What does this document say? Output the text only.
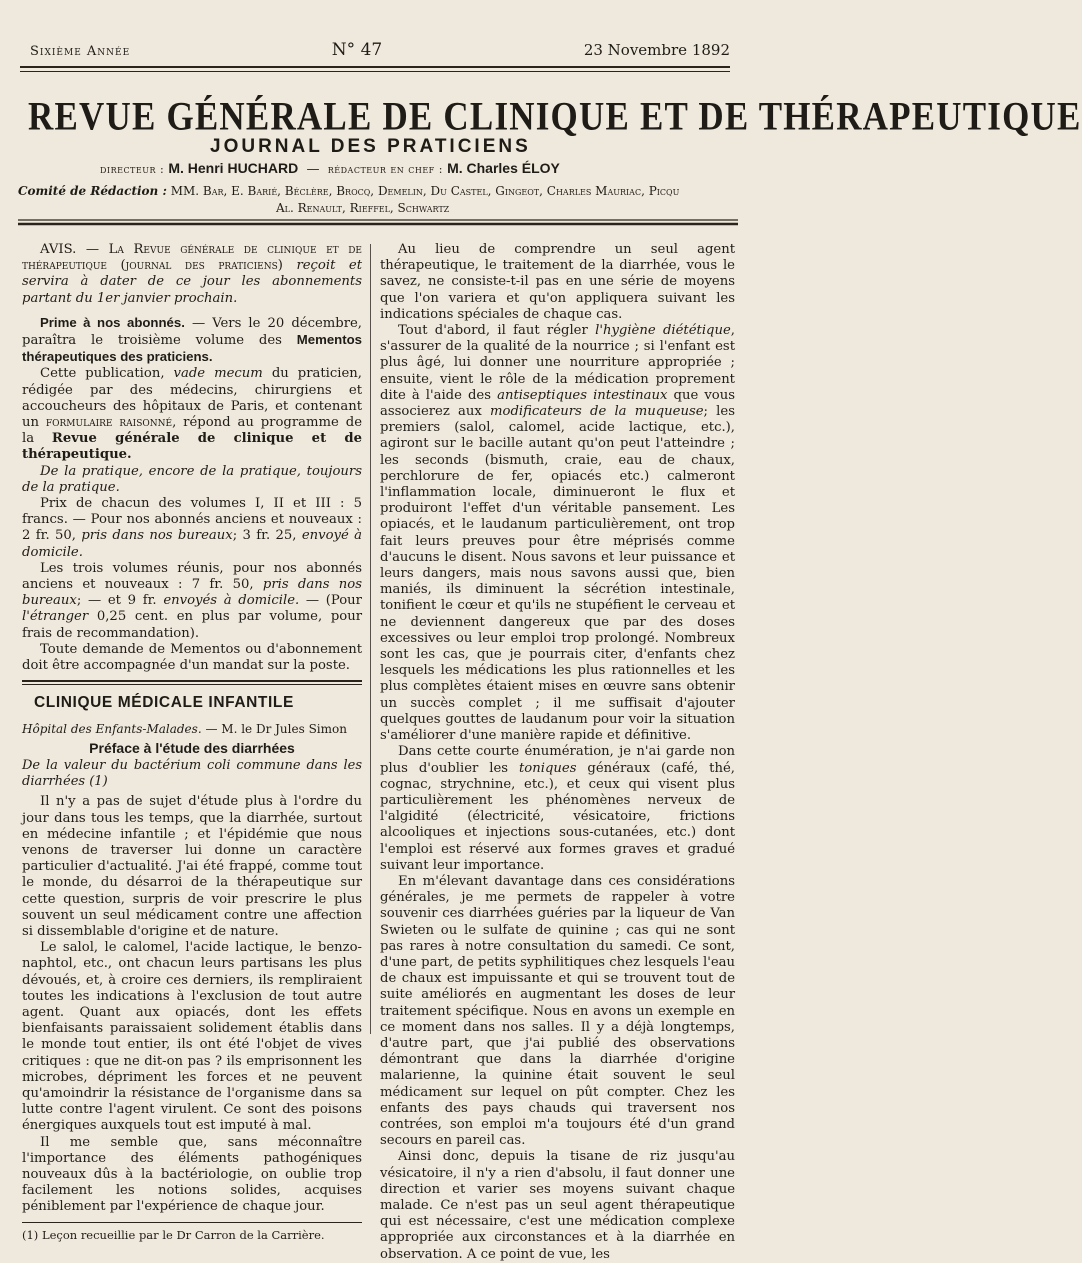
Sixième Année	N° 47	23 Novembre 1892
REVUE GÉNÉRALE DE CLINIQUE ET DE THÉRAPEUTIQUE
JOURNAL DES PRATICIENS
directeur : M. Henri HUCHARD — rédacteur en chef : M. Charles ÉLOY
Comité de Rédaction : MM. Bar, E. Barié, Béclère, Brocq, Demelin, Du Castel, Gingeot, Charles Mauriac, Picqu
Al. Renault, Rieffel, Schwartz

AVIS. — La Revue générale de clinique et de thérapeutique (journal des praticiens) reçoit et servira à dater de ce jour les abonnements partant du 1er janvier prochain.

Prime à nos abonnés. — Vers le 20 décembre, paraîtra le troisième volume des Mementos thérapeutiques des praticiens.

Cette publication, vade mecum du praticien, rédigée par des médecins, chirurgiens et accoucheurs des hôpitaux de Paris, et contenant un formulaire raisonné, répond au programme de la Revue générale de clinique et de thérapeutique.

De la pratique, encore de la pratique, toujours de la pratique.

Prix de chacun des volumes I, II et III : 5 francs. — Pour nos abonnés anciens et nouveaux : 2 fr. 50, pris dans nos bureaux; 3 fr. 25, envoyé à domicile.

Les trois volumes réunis, pour nos abonnés anciens et nouveaux : 7 fr. 50, pris dans nos bureaux; — et 9 fr. envoyés à domicile. — (Pour l'étranger 0,25 cent. en plus par volume, pour frais de recommandation).

Toute demande de Mementos ou d'abonnement doit être accompagnée d'un mandat sur la poste.

CLINIQUE MÉDICALE INFANTILE

Hôpital des Enfants-Malades. — M. le Dr Jules Simon

Préface à l'étude des diarrhées

De la valeur du bactérium coli commune dans les diarrhées (1)

Il n'y a pas de sujet d'étude plus à l'ordre du jour dans tous les temps, que la diarrhée, surtout en médecine infantile ; et l'épidémie que nous venons de traverser lui donne un caractère particulier d'actualité. J'ai été frappé, comme tout le monde, du désarroi de la thérapeutique sur cette question, surpris de voir prescrire le plus souvent un seul médicament contre une affection si dissemblable d'origine et de nature.

Le salol, le calomel, l'acide lactique, le benzo-naphtol, etc., ont chacun leurs partisans les plus dévoués, et, à croire ces derniers, ils rempliraient toutes les indications à l'exclusion de tout autre agent. Quant aux opiacés, dont les effets bienfaisants paraissaient solidement établis dans le monde tout entier, ils ont été l'objet de vives critiques : que ne dit-on pas ? ils emprisonnent les microbes, dépriment les forces et ne peuvent qu'amoindrir la résistance de l'organisme dans sa lutte contre l'agent virulent. Ce sont des poisons énergiques auxquels tout est imputé à mal.

Il me semble que, sans méconnaître l'importance des éléments pathogéniques nouveaux dûs à la bactériologie, on oublie trop facilement les notions solides, acquises péniblement par l'expérience de chaque jour.

(1) Leçon recueillie par le Dr Carron de la Carrière.

Au lieu de comprendre un seul agent thérapeutique, le traitement de la diarrhée, vous le savez, ne consiste-t-il pas en une série de moyens que l'on variera et qu'on appliquera suivant les indications spéciales de chaque cas.

Tout d'abord, il faut régler l'hygiène diététique, s'assurer de la qualité de la nourrice ; si l'enfant est plus âgé, lui donner une nourriture appropriée ; ensuite, vient le rôle de la médication proprement dite à l'aide des antiseptiques intestinaux que vous associerez aux modificateurs de la muqueuse; les premiers (salol, calomel, acide lactique, etc.), agiront sur le bacille autant qu'on peut l'atteindre ; les seconds (bismuth, craie, eau de chaux, perchlorure de fer, opiacés etc.) calmeront l'inflammation locale, diminueront le flux et produiront l'effet d'un véritable pansement. Les opiacés, et le laudanum particulièrement, ont trop fait leurs preuves pour être méprisés comme d'aucuns le disent. Nous savons et leur puissance et leurs dangers, mais nous savons aussi que, bien maniés, ils diminuent la sécrétion intestinale, tonifient le cœur et qu'ils ne stupéfient le cerveau et ne deviennent dangereux que par des doses excessives ou leur emploi trop prolongé. Nombreux sont les cas, que je pourrais citer, d'enfants chez lesquels les médications les plus rationnelles et les plus complètes étaient mises en œuvre sans obtenir un succès complet ; il me suffisait d'ajouter quelques gouttes de laudanum pour voir la situation s'améliorer d'une manière rapide et définitive.

Dans cette courte énumération, je n'ai garde non plus d'oublier les toniques généraux (café, thé, cognac, strychnine, etc.), et ceux qui visent plus particulièrement les phénomènes nerveux de l'algidité (électricité, vésicatoire, frictions alcooliques et injections sous-cutanées, etc.) dont l'emploi est réservé aux formes graves et gradué suivant leur importance.

En m'élevant davantage dans ces considérations générales, je me permets de rappeler à votre souvenir ces diarrhées guéries par la liqueur de Van Swieten ou le sulfate de quinine ; cas qui ne sont pas rares à notre consultation du samedi. Ce sont, d'une part, de petits syphilitiques chez lesquels l'eau de chaux est impuissante et qui se trouvent tout de suite améliorés en augmentant les doses de leur traitement spécifique. Nous en avons un exemple en ce moment dans nos salles. Il y a déjà longtemps, d'autre part, que j'ai publié des observations démontrant que dans la diarrhée d'origine malarienne, la quinine était souvent le seul médicament sur lequel on pût compter. Chez les enfants des pays chauds qui traversent nos contrées, son emploi m'a toujours été d'un grand secours en pareil cas.

Ainsi donc, depuis la tisane de riz jusqu'au vésicatoire, il n'y a rien d'absolu, il faut donner une direction et varier ses moyens suivant chaque malade. Ce n'est pas un seul agent thérapeutique qui est nécessaire, c'est une médication complexe appropriée aux circonstances et à la diarrhée en observation. A ce point de vue, les
